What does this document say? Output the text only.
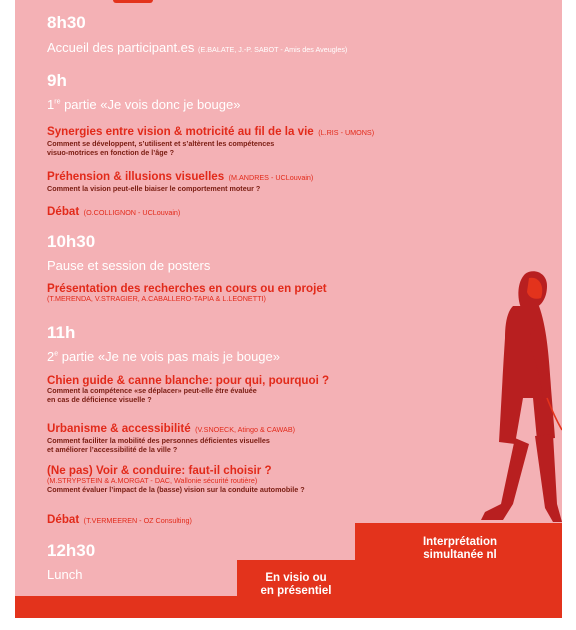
8h30
Accueil des participant.es (E.BALATE, J.-P. SABOT - Amis des Aveugles)
9h
1re partie «Je vois donc je bouge»
Synergies entre vision & motricité au fil de la vie (L.RIS - UMONS)
Comment se développent, s’utilisent et s’altèrent les compétences
visuo-motrices en fonction de l’âge ?
Préhension & illusions visuelles (M.ANDRES - UCLouvain)
Comment la vision peut-elle biaiser le comportement moteur ?
Débat (O.COLLIGNON - UCLouvain)
10h30
Pause et session de posters
Présentation des recherches en cours ou en projet
(T.MERENDA, V.STRAGIER, A.CABALLERO-TAPIA & L.LEONETTI)
11h
2e partie «Je ne vois pas mais je bouge»
Chien guide & canne blanche: pour qui, pourquoi ?
Comment la compétence «se déplacer» peut-elle être évaluée
en cas de déficience visuelle ?
Urbanisme & accessibilité (V.SNOECK, Atingo & CAWAB)
Comment faciliter la mobilité des personnes déficientes visuelles
et améliorer l’accessibilité de la ville ?
(Ne pas) Voir & conduire: faut-il choisir ?
(M.STRYPSTEIN & A.MORGAT - DAC, Wallonie sécurité routière)
Comment évaluer l’impact de la (basse) vision sur la conduite automobile ?
Débat (T.VERMEEREN - OZ Consulting)
12h30
Lunch	En visio ou
en présentiel
Interprétation
simultanée nl
